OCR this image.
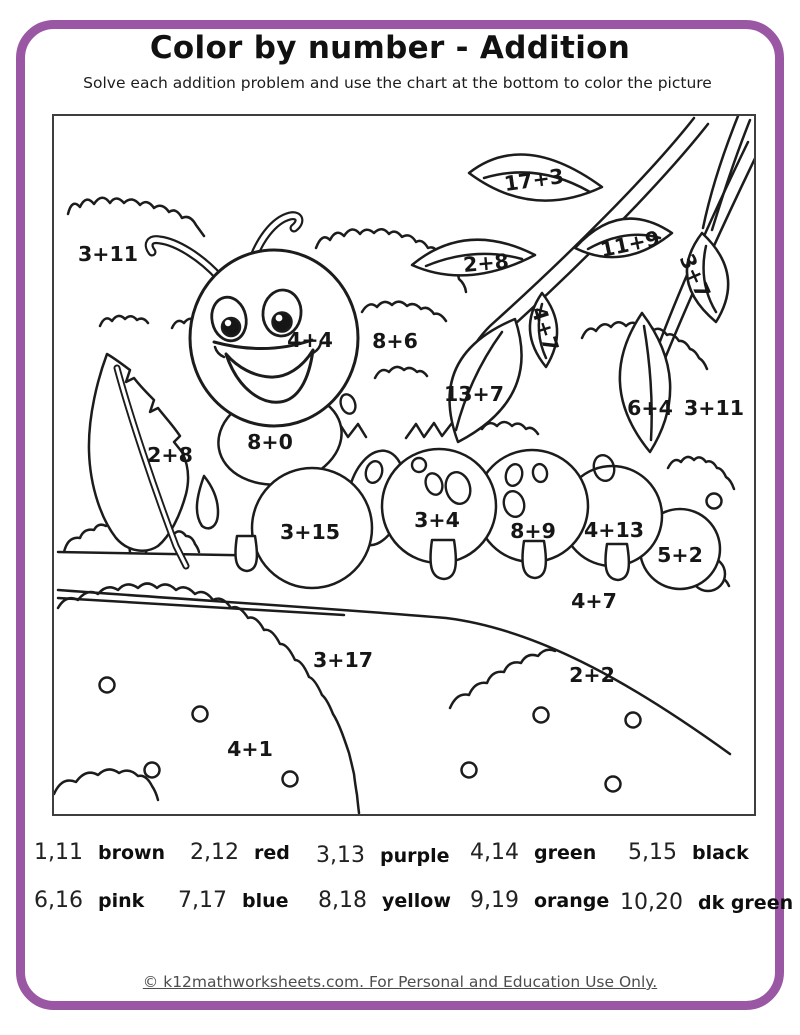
Color by number - Addition
Solve each addition problem and use the chart at the bottom to color the picture
3+11
17+3
2+8
11+9
3+7
4+4 8+6	4+7
13+7
6+4 3+11
2+8
8+0
3+15	3+4 8+9 4+13
5+2
4+7
3+17
2+2
4+1
1,11 brown 2,12 red 3,13 purple 4,14 green 5,15 black
6,16 pink 7,17 blue 8,18 yellow 9,19 orange 10,20 dk green
© k12mathworksheets.com. For Personal and Education Use Only.
